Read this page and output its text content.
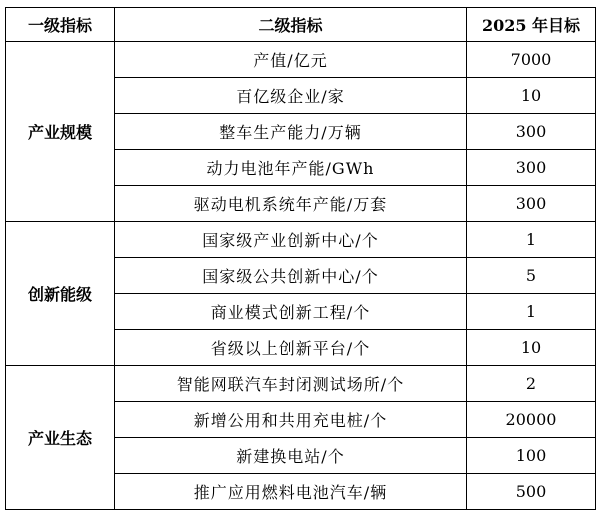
一级指标	二级指标	2025 年目标
产业规模	产值/亿元	7000
	百亿级企业/家	10
	整车生产能力/万辆	300
	动力电池年产能/GWh	300
	驱动电机系统年产能/万套	300
创新能级	国家级产业创新中心/个	1
	国家级公共创新中心/个	5
	商业模式创新工程/个	1
	省级以上创新平台/个	10
产业生态	智能网联汽车封闭测试场所/个	2
	新增公用和共用充电桩/个	20000
	新建换电站/个	100
	推广应用燃料电池汽车/辆	500
